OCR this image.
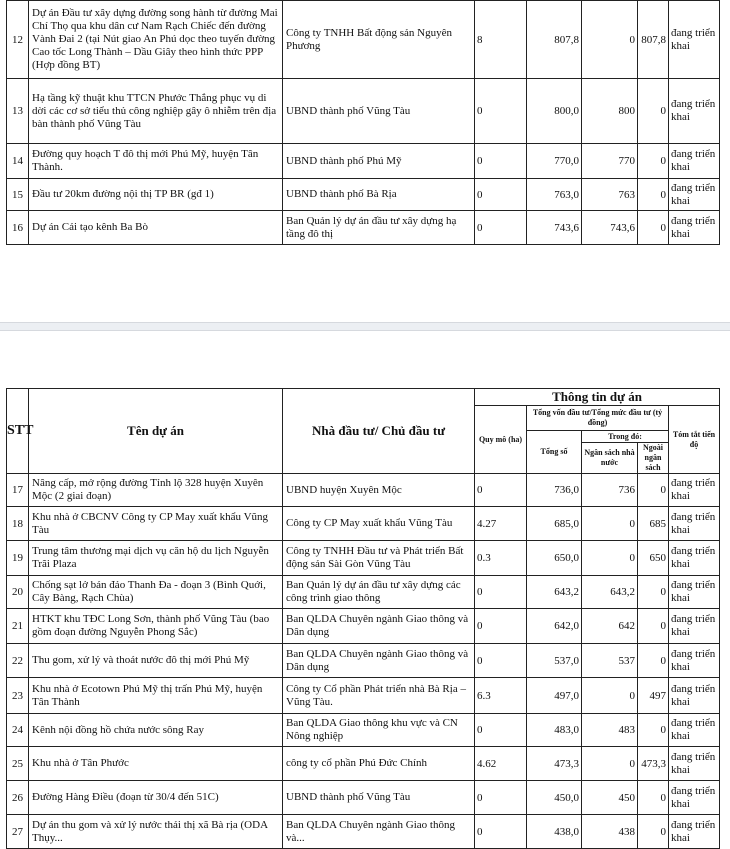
12	Dự án Đầu tư xây dựng đường song hành từ đường Mai Chí Thọ qua khu dân cư Nam Rạch Chiếc đến đường Vành Đai 2 (tại Nút giao An Phú dọc theo tuyến đường Cao tốc Long Thành – Dầu Giây theo hình thức PPP (Hợp đồng BT)	Công ty TNHH Bất động sản Nguyên Phương	8	807,8	0	807,8	đang triển khai
13	Hạ tầng kỹ thuật khu TTCN Phước Thắng phục vụ di dời các cơ sở tiểu thủ công nghiệp gây ô nhiễm trên địa bàn thành phố Vũng Tàu	UBND thành phố Vũng Tàu	0	800,0	800	0	đang triển khai
14	Đường quy hoạch T đô thị mới Phú Mỹ, huyện Tân Thành.	UBND thành phố Phú Mỹ	0	770,0	770	0	đang triển khai
15	Đầu tư 20km đường nội thị TP BR (gđ 1)	UBND thành phố Bà Rịa	0	763,0	763	0	đang triển khai
16	Dự án Cải tạo kênh Ba Bò	Ban Quản lý dự án đầu tư xây dựng hạ tầng đô thị	0	743,6	743,6	0	đang triển khai
STT	Tên dự án	Nhà đầu tư/ Chủ đầu tư	Thông tin dự án				
			Quy mô (ha)	Tổng vốn đầu tư/Tổng mức đầu tư (tỷ đồng)			Tóm tắt tiến độ
				Tổng số	Trong đó:		
					Ngân sách nhà nước	Ngoài ngân sách	
17	Nâng cấp, mở rộng đường Tỉnh lộ 328 huyện Xuyên Mộc (2 giai đoạn)	UBND huyện Xuyên Mộc	0	736,0	736	0	đang triển khai
18	Khu nhà ở CBCNV Công ty CP May xuất khẩu Vũng Tàu	Công ty CP May xuất khẩu Vũng Tàu	4.27	685,0	0	685	đang triển khai
19	Trung tâm thương mại dịch vụ căn hộ du lịch Nguyễn Trãi Plaza	Công ty TNHH Đầu tư và Phát triển Bất động sản Sài Gòn Vũng Tàu	0.3	650,0	0	650	đang triển khai
20	Chống sạt lở bán đảo Thanh Đa - đoạn 3 (Bình Quới, Cây Bàng, Rạch Chùa)	Ban Quản lý dự án đầu tư xây dựng các công trình giao thông	0	643,2	643,2	0	đang triển khai
21	HTKT khu TĐC Long Sơn, thành phố Vũng Tàu (bao gồm đoạn đường Nguyễn Phong Sắc)	Ban QLDA Chuyên ngành Giao thông và Dân dụng	0	642,0	642	0	đang triển khai
22	Thu gom, xử lý và thoát nước đô thị mới Phú Mỹ	Ban QLDA Chuyên ngành Giao thông và Dân dụng	0	537,0	537	0	đang triển khai
23	Khu nhà ở Ecotown Phú Mỹ thị trấn Phú Mỹ, huyện Tân Thành	Công ty Cổ phần Phát triển nhà Bà Rịa – Vũng Tàu.	6.3	497,0	0	497	đang triển khai
24	Kênh nội đồng hồ chứa nước sông Ray	Ban QLDA Giao thông khu vực và CN Nông nghiệp	0	483,0	483	0	đang triển khai
25	Khu nhà ở Tân Phước	công ty cổ phần Phú Đức Chính	4.62	473,3	0	473,3	đang triển khai
26	Đường Hàng Điều (đoạn từ 30/4 đến 51C)	UBND thành phố Vũng Tàu	0	450,0	450	0	đang triển khai
27	Dự án thu gom và xử lý nước thải thị xã Bà rịa (ODA Thụy...	Ban QLDA Chuyên ngành Giao thông và...	0	438,0	438	0	đang triển khai
